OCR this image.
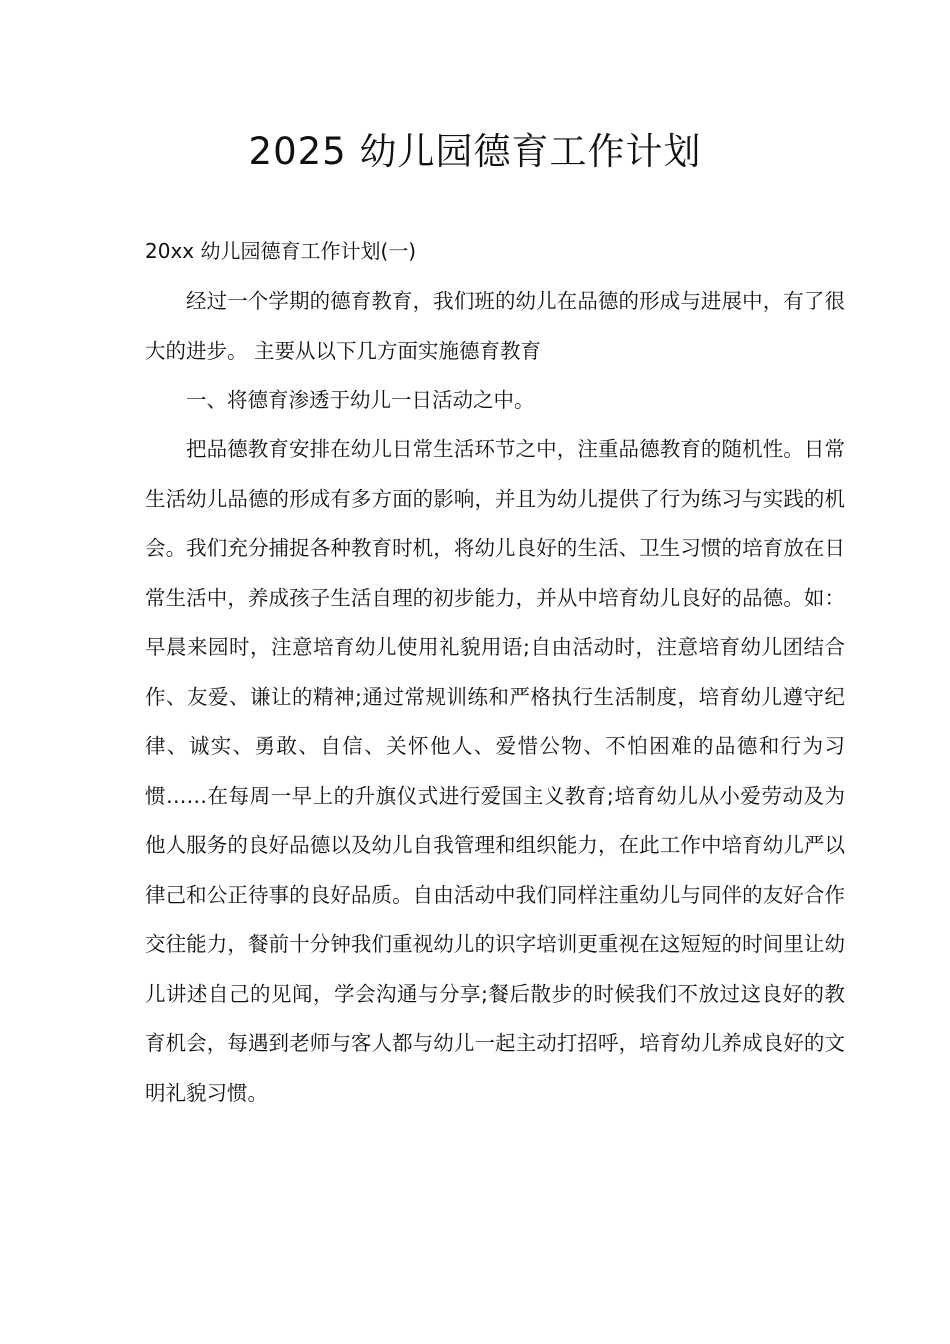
2025 幼儿园德育工作计划

20xx 幼儿园德育工作计划(一)

经过一个学期的德育教育，我们班的幼儿在品德的形成与进展中，有了很大的进步。 主要从以下几方面实施德育教育

一、将德育渗透于幼儿一日活动之中。

把品德教育安排在幼儿日常生活环节之中，注重品德教育的随机性。日常生活幼儿品德的形成有多方面的影响，并且为幼儿提供了行为练习与实践的机会。我们充分捕捉各种教育时机，将幼儿良好的生活、卫生习惯的培育放在日常生活中，养成孩子生活自理的初步能力，并从中培育幼儿良好的品德。如：早晨来园时，注意培育幼儿使用礼貌用语;自由活动时，注意培育幼儿团结合作、友爱、谦让的精神;通过常规训练和严格执行生活制度，培育幼儿遵守纪律、诚实、勇敢、自信、关怀他人、爱惜公物、不怕困难的品德和行为习惯……在每周一早上的升旗仪式进行爱国主义教育;培育幼儿从小爱劳动及为他人服务的良好品德以及幼儿自我管理和组织能力，在此工作中培育幼儿严以律己和公正待事的良好品质。自由活动中我们同样注重幼儿与同伴的友好合作交往能力，餐前十分钟我们重视幼儿的识字培训更重视在这短短的时间里让幼儿讲述自己的见闻，学会沟通与分享;餐后散步的时候我们不放过这良好的教育机会，每遇到老师与客人都与幼儿一起主动打招呼，培育幼儿养成良好的文明礼貌习惯。
